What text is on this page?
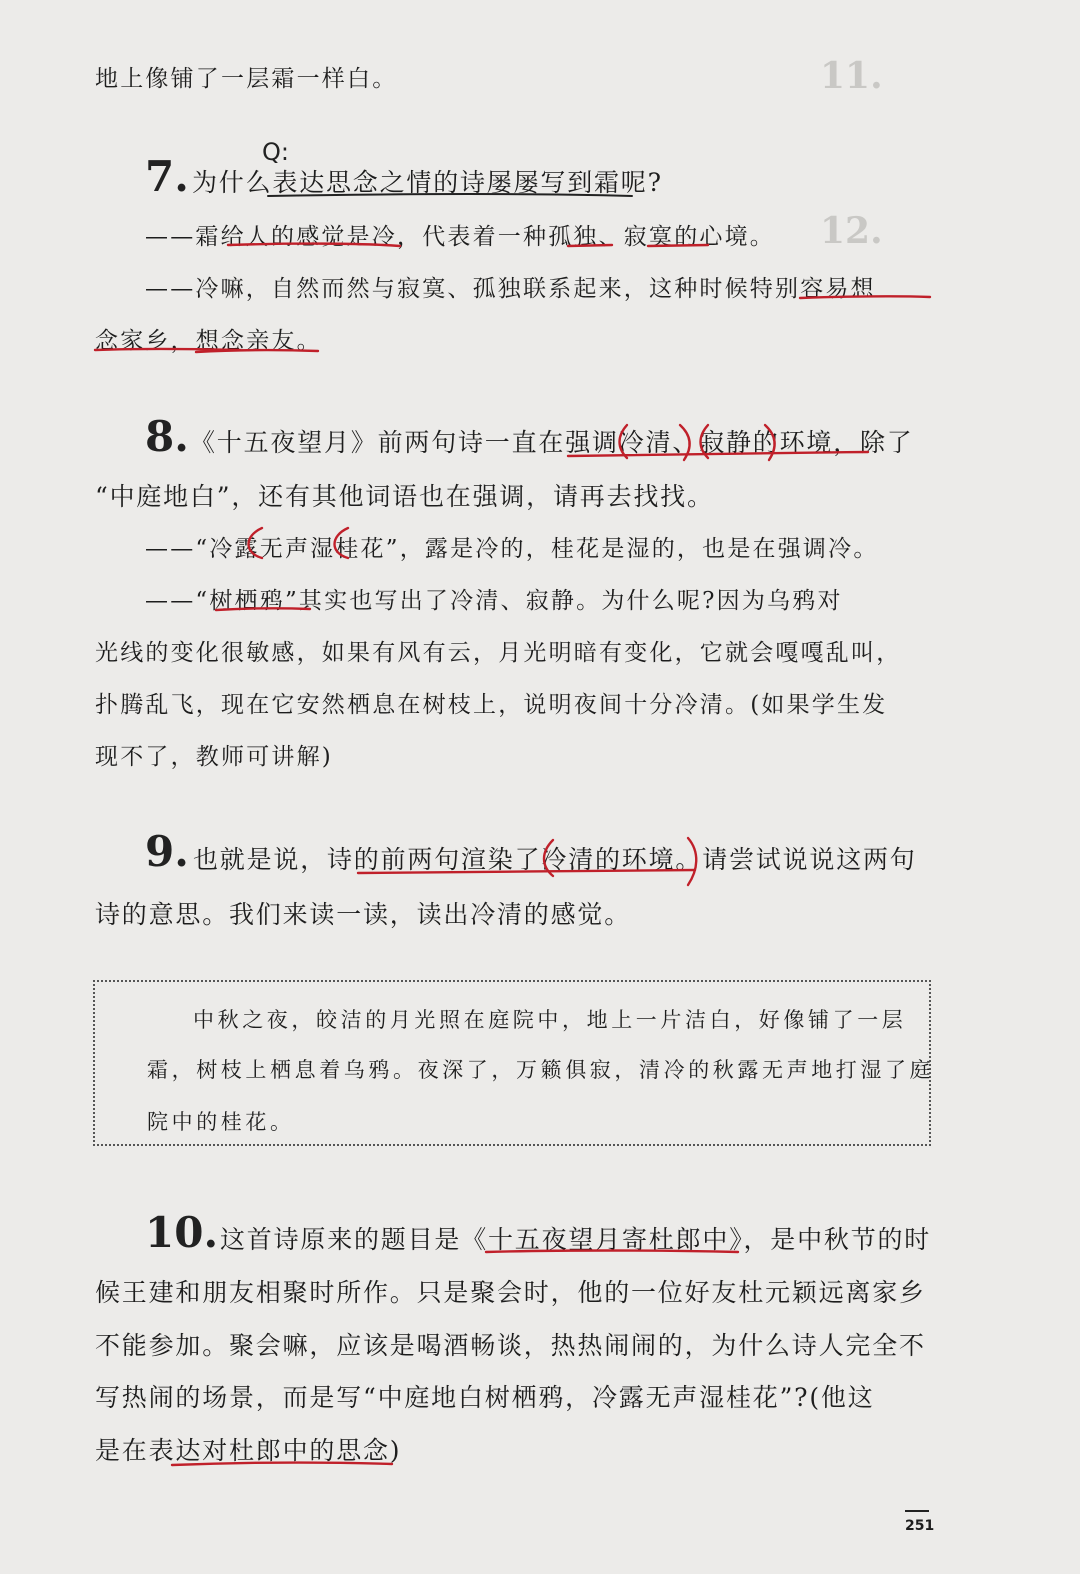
11.
12.
地上像铺了一层霜一样白。
7. 为什么表达思念之情的诗屡屡写到霜呢?
——霜给人的感觉是冷，代表着一种孤独、寂寞的心境。
——冷嘛，自然而然与寂寞、孤独联系起来，这种时候特别容易想
念家乡，想念亲友。
8. 《十五夜望月》前两句诗一直在强调冷清、寂静的环境，除了
“中庭地白”，还有其他词语也在强调，请再去找找。
——“冷露无声湿桂花”，露是冷的，桂花是湿的，也是在强调冷。
——“树栖鸦”其实也写出了冷清、寂静。为什么呢?因为乌鸦对
光线的变化很敏感，如果有风有云，月光明暗有变化，它就会嘎嘎乱叫，
扑腾乱飞，现在它安然栖息在树枝上，说明夜间十分冷清。(如果学生发
现不了，教师可讲解)
9. 也就是说，诗的前两句渲染了冷清的环境。请尝试说说这两句
诗的意思。我们来读一读，读出冷清的感觉。
中秋之夜，皎洁的月光照在庭院中，地上一片洁白，好像铺了一层
霜，树枝上栖息着乌鸦。夜深了，万籁俱寂，清冷的秋露无声地打湿了庭
院中的桂花。
10. 这首诗原来的题目是《十五夜望月寄杜郎中》，是中秋节的时
候王建和朋友相聚时所作。只是聚会时，他的一位好友杜元颖远离家乡
不能参加。聚会嘛，应该是喝酒畅谈，热热闹闹的，为什么诗人完全不
写热闹的场景，而是写“中庭地白树栖鸦，冷露无声湿桂花”?(他这
是在表达对杜郎中的思念)
251
Q:
